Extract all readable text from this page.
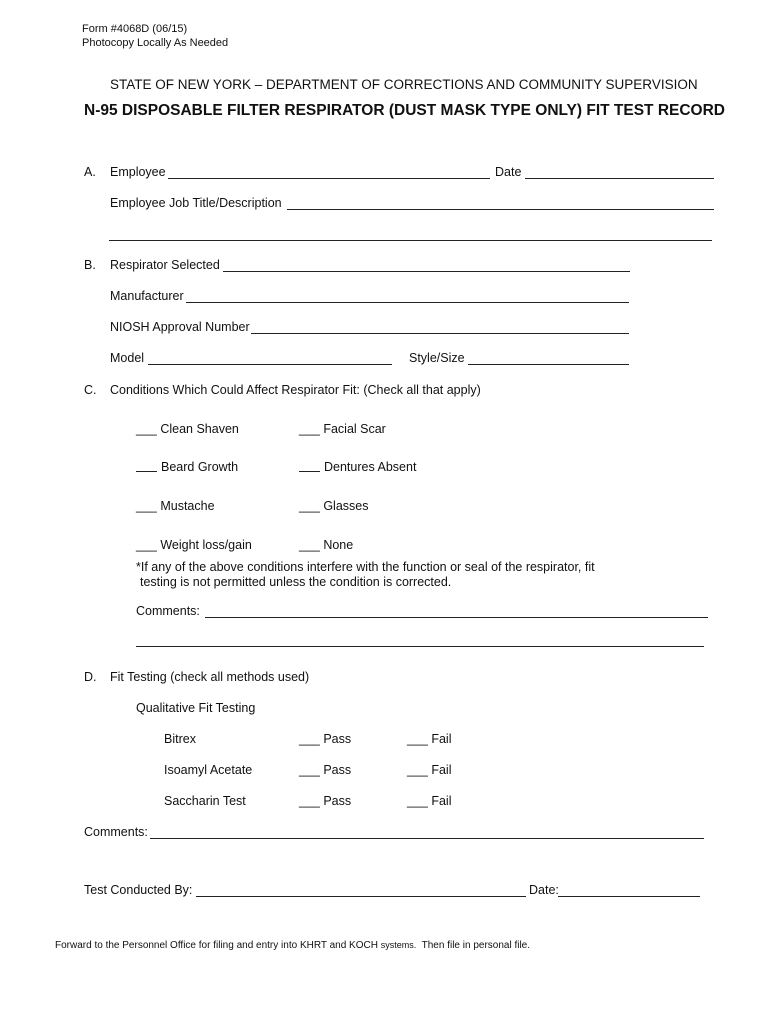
Form #4068D (06/15)
Photocopy Locally As Needed
STATE OF NEW YORK – DEPARTMENT OF CORRECTIONS AND COMMUNITY SUPERVISION
N-95 DISPOSABLE FILTER RESPIRATOR (DUST MASK TYPE ONLY) FIT TEST RECORD
A. Employee	Date
Employee Job Title/Description
B. Respirator Selected
Manufacturer
NIOSH Approval Number
Model	Style/Size
C. Conditions Which Could Affect Respirator Fit: (Check all that apply)
___ Clean Shaven	___ Facial Scar
Beard Growth	Dentures Absent
___ Mustache	___ Glasses
___ Weight loss/gain	___ None
*If any of the above conditions interfere with the function or seal of the respirator, fit
testing is not permitted unless the condition is corrected.
Comments:
D. Fit Testing (check all methods used)
Qualitative Fit Testing
Bitrex	___ Pass	___ Fail
Isoamyl Acetate	___ Pass	___ Fail
Saccharin Test	___ Pass	___ Fail
Comments:
Test Conducted By:	Date:
Forward to the Personnel Office for filing and entry into KHRT and KOCH systems. Then file in personal file.
